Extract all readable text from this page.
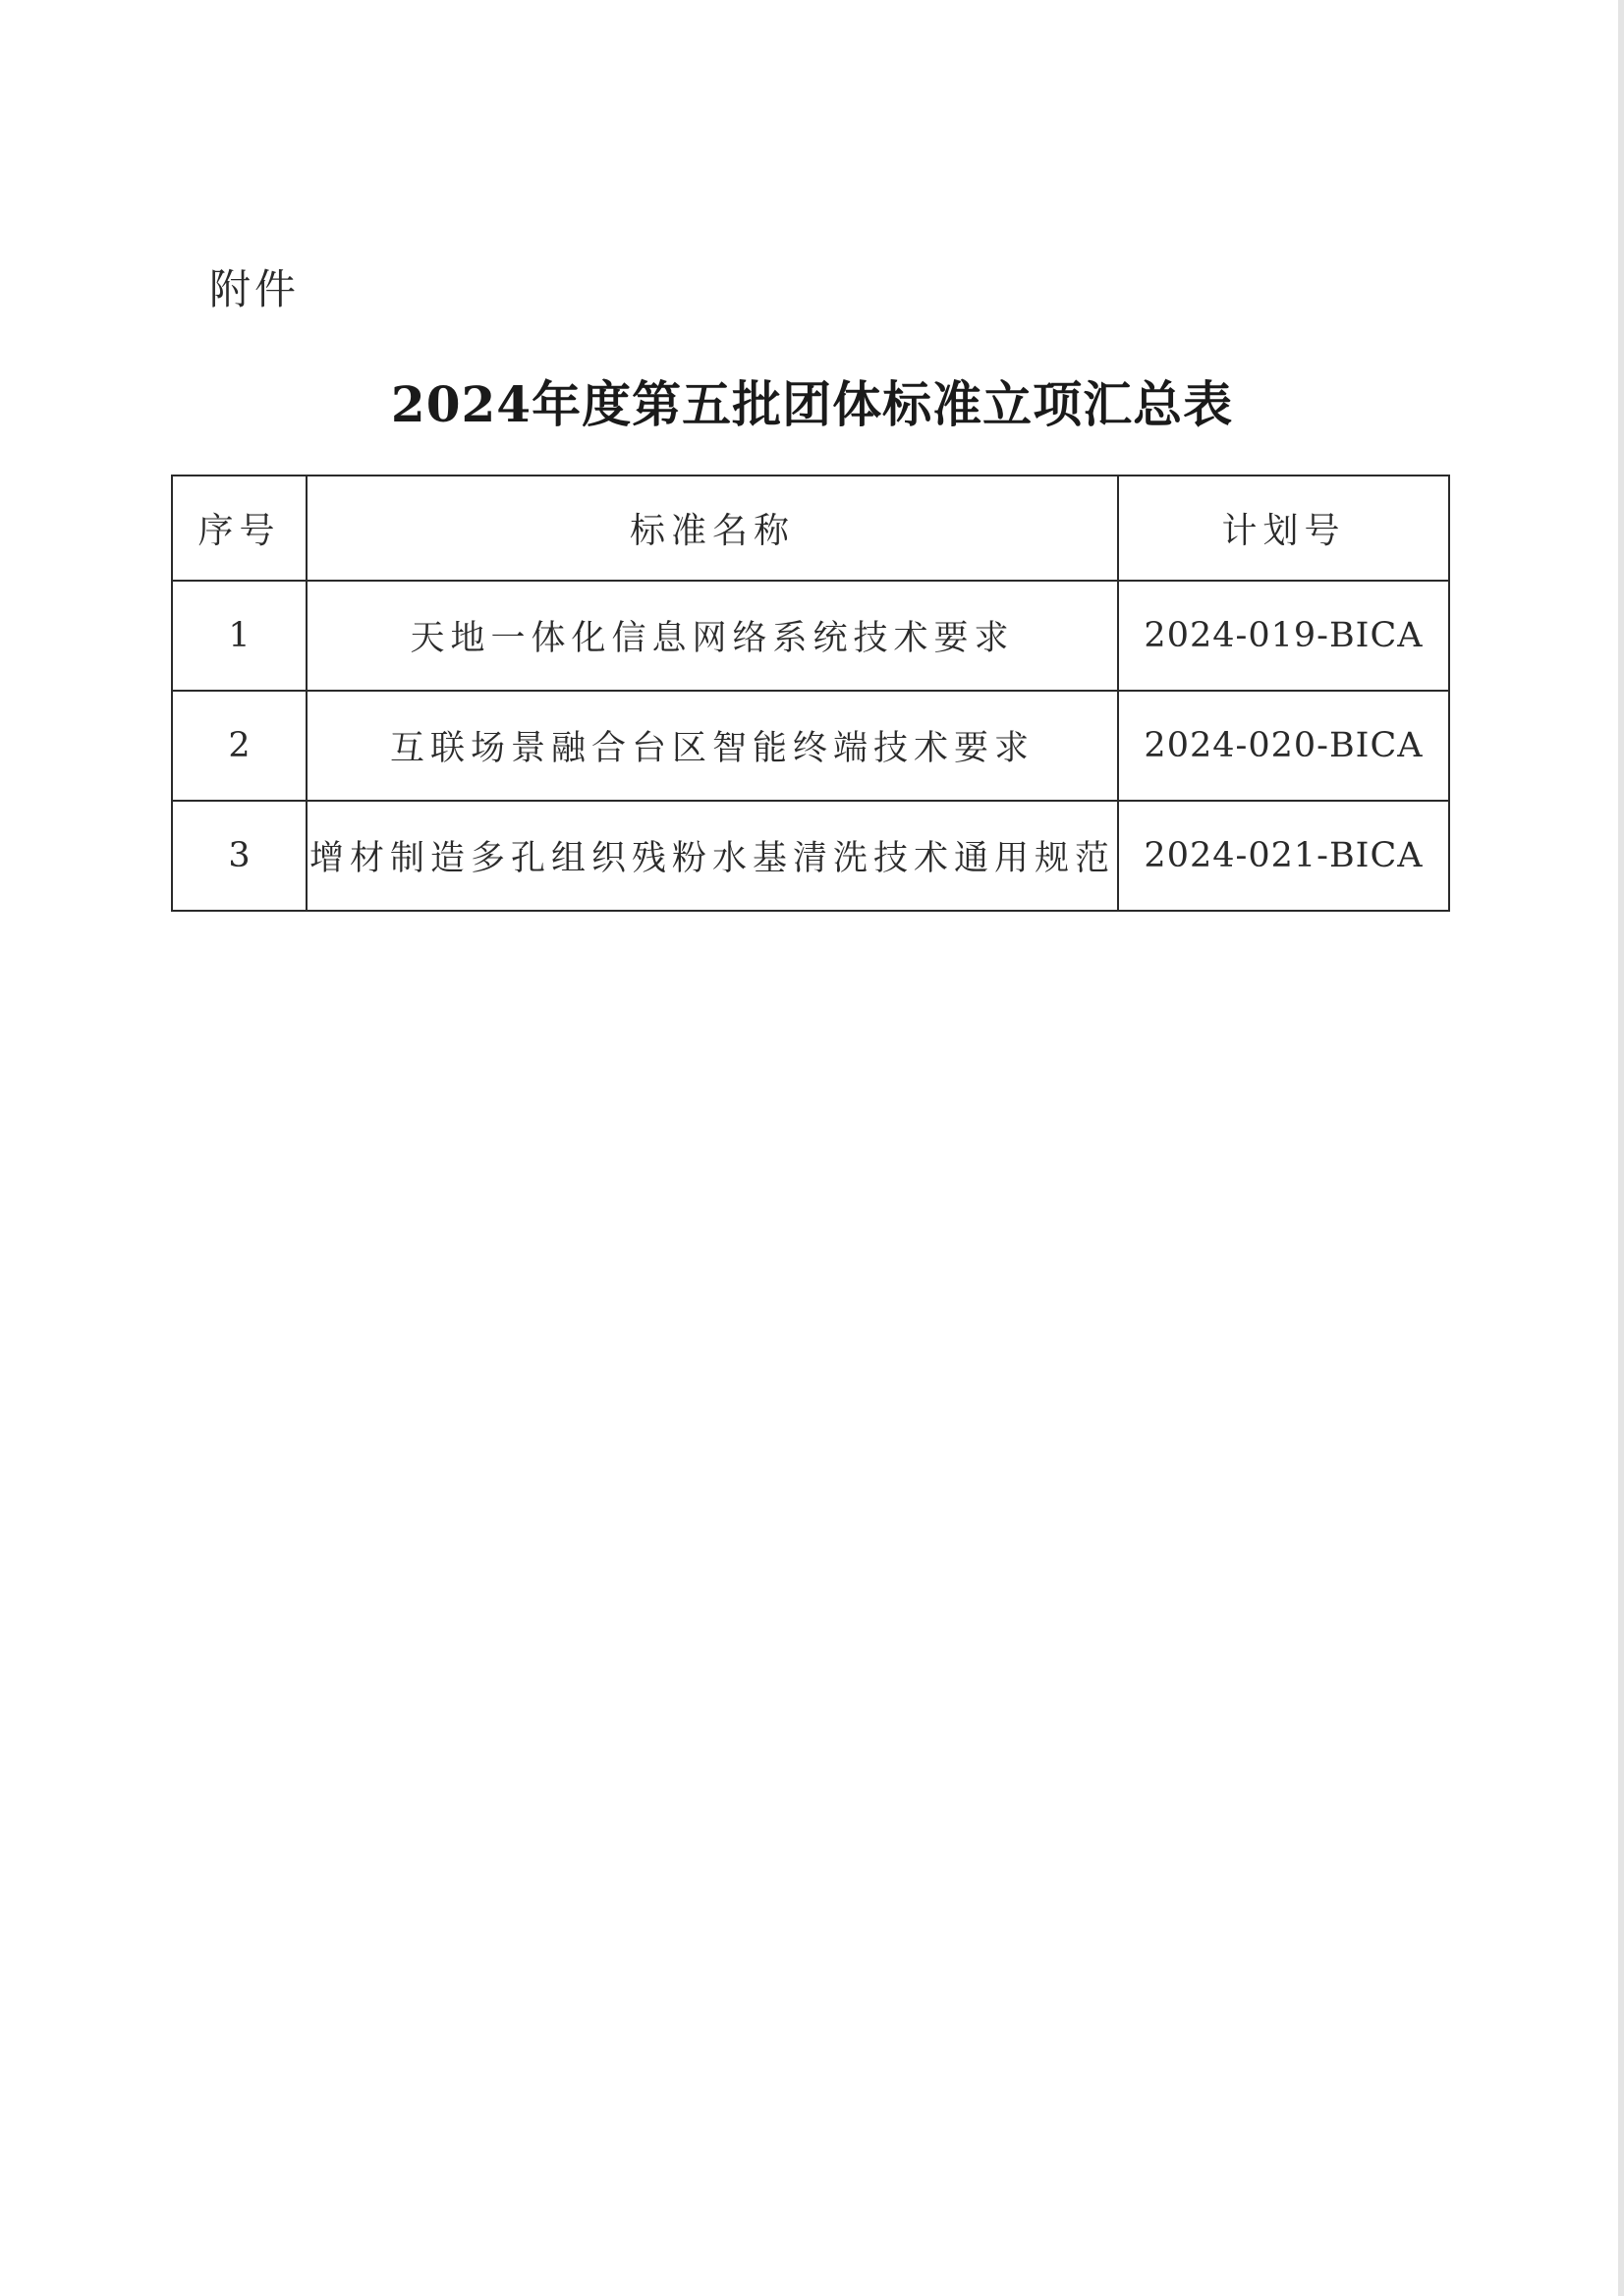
附件
2024年度第五批团体标准立项汇总表
序号	标准名称	计划号
1	天地一体化信息网络系统技术要求	2024-019-BICA
2	互联场景融合台区智能终端技术要求	2024-020-BICA
3	增材制造多孔组织残粉水基清洗技术通用规范	2024-021-BICA
